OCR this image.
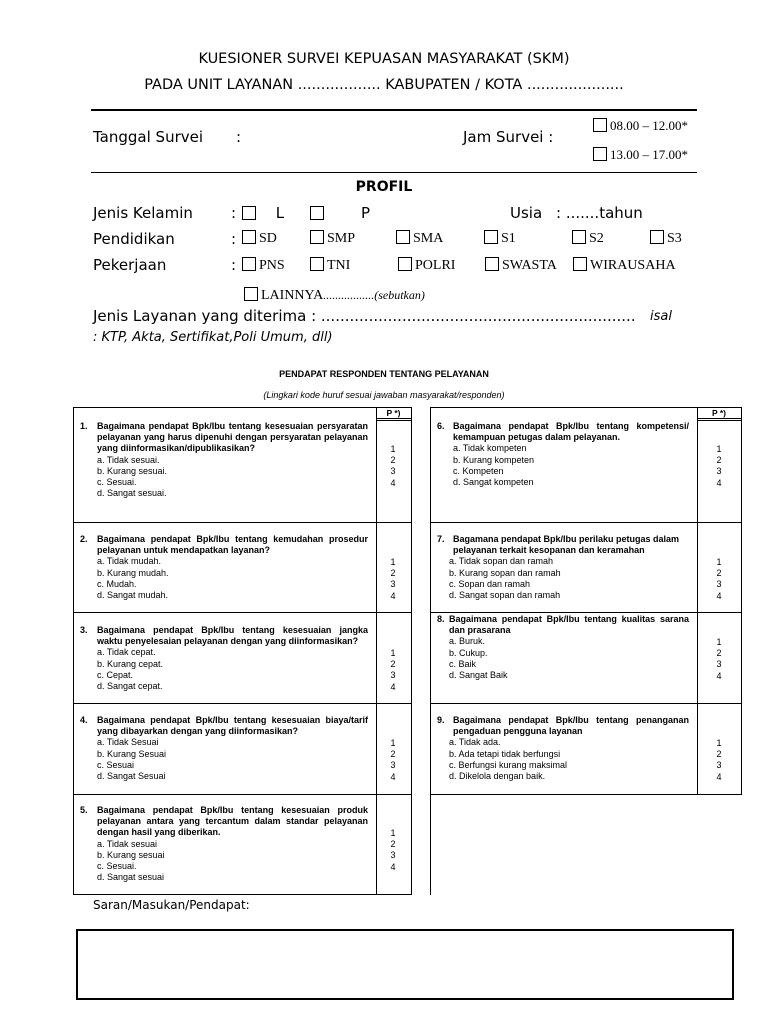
KUESIONER SURVEI KEPUASAN MASYARAKAT (SKM)
PADA UNIT LAYANAN .................. KABUPATEN / KOTA .....................
Tanggal Survei :	Jam Survei :
08.00 – 12.00*
13.00 – 17.00*
PROFIL
Jenis Kelamin	:	L	P	Usia : .......tahun
Pendidikan	:	SD	SMP	SMA	S1	S2	S3
Pekerjaan	:	PNS	TNI	POLRI	SWASTA	WIRAUSAHA
LAINNYA.................(sebutkan)
Jenis Layanan yang diterima : .................................................................. isal
: KTP, Akta, Sertifikat,Poli Umum, dll)
PENDAPAT RESPONDEN TENTANG PELAYANAN
(Lingkari kode huruf sesuai jawaban masyarakat/responden)
P *)	P *)
1.	Bagaimana pendapat Bpk/Ibu tentang kesesuaian persyaratan pelayanan yang harus dipenuhi dengan persyaratan pelayanan yang diinformasikan/dipublikasikan?
a. Tidak sesuai.
b. Kurang sesuai.
c. Sesuai.
d. Sangat sesuai.
1
2
3
4
2.	Bagaimana pendapat Bpk/Ibu tentang kemudahan prosedur pelayanan untuk mendapatkan layanan?
a. Tidak mudah.
b. Kurang mudah.
c. Mudah.
d. Sangat mudah.
1
2
3
4
3.	Bagaimana pendapat Bpk/Ibu tentang kesesuaian jangka waktu penyelesaian pelayanan dengan yang diinformasikan?
a. Tidak cepat.
b. Kurang cepat.
c. Cepat.
d. Sangat cepat.
1
2
3
4
4.	Bagaimana pendapat Bpk/Ibu tentang kesesuaian biaya/tarif yang dibayarkan dengan yang diinformasikan?
a. Tidak Sesuai
b. Kurang Sesuai
c. Sesuai
d. Sangat Sesuai
1
2
3
4
5.	Bagaimana pendapat Bpk/Ibu tentang kesesuaian produk pelayanan antara yang tercantum dalam standar pelayanan dengan hasil yang diberikan.
a. Tidak sesuai
b. Kurang sesuai
c. Sesuai.
d. Sangat sesuai
1
2
3
4
6. Bagaimana pendapat Bpk/Ibu tentang kompetensi/ kemampuan petugas dalam pelayanan.
a. Tidak kompeten
b. Kurang kompeten
c. Kompeten
d. Sangat kompeten
1
2
3
4
7. Bagamana pendapat Bpk/Ibu perilaku petugas dalam pelayanan terkait kesopanan dan keramahan
a. Tidak sopan dan ramah
b. Kurang sopan dan ramah
c. Sopan dan ramah
d. Sangat sopan dan ramah
1
2
3
4
8. Bagaimana pendapat Bpk/Ibu tentang kualitas sarana dan prasarana
a. Buruk.
b. Cukup.
c. Baik
d. Sangat Baik
1
2
3
4
9. Bagaimana pendapat Bpk/Ibu tentang penanganan pengaduan pengguna layanan
a. Tidak ada.
b. Ada tetapi tidak berfungsi
c. Berfungsi kurang maksimal
d. Dikelola dengan baik.
1
2
3
4
Saran/Masukan/Pendapat:
